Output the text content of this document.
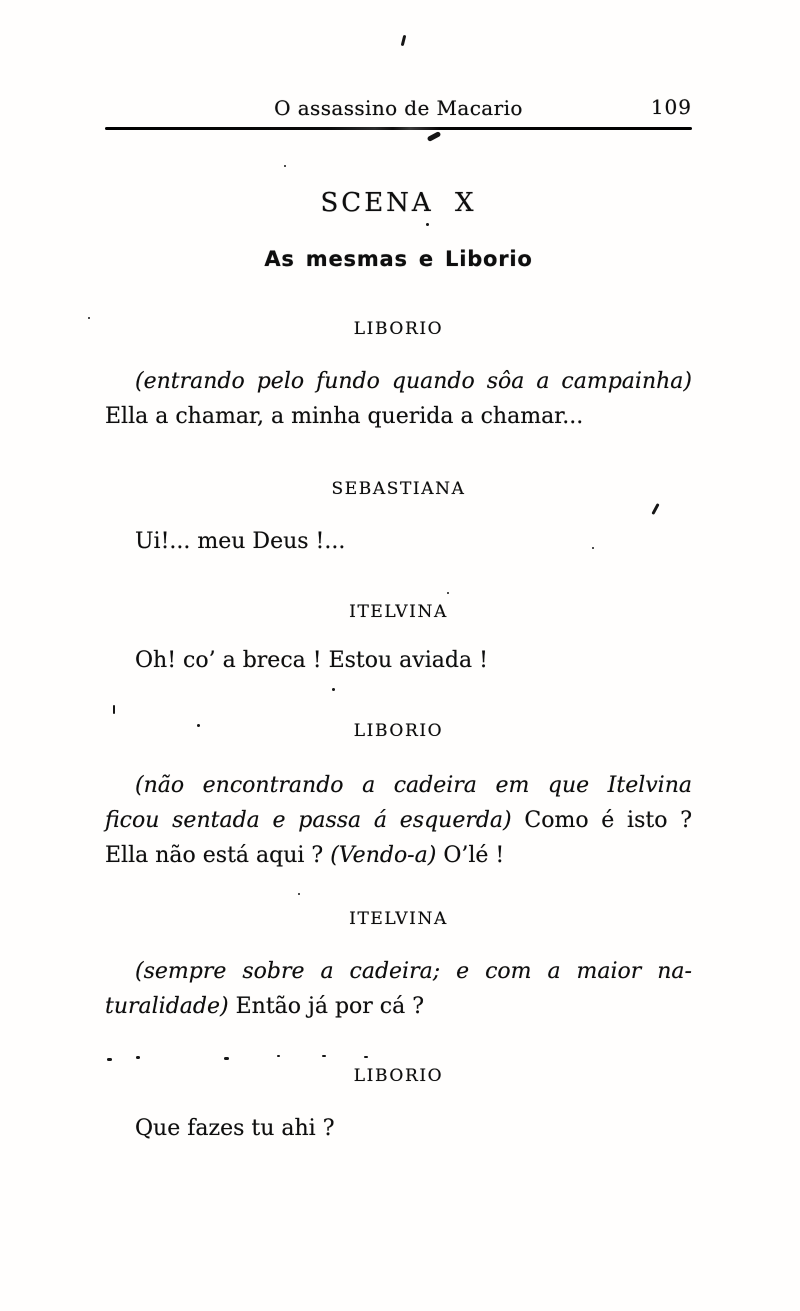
O assassino de Macario	109
SCENA X
As mesmas e Liborio
LIBORIO
(entrando pelo fundo quando sôa a campainha)
Ella a chamar, a minha querida a chamar...
SEBASTIANA
Ui!... meu Deus !...
ITELVINA
Oh! co’ a breca ! Estou aviada !
LIBORIO
(não encontrando a cadeira em que Itelvina
ficou sentada e passa á esquerda) Como é isto ?
Ella não está aqui ? (Vendo-a) O’lé !
ITELVINA
(sempre sobre a cadeira; e com a maior na-
turalidade) Então já por cá ?
LIBORIO
Que fazes tu ahi ?
